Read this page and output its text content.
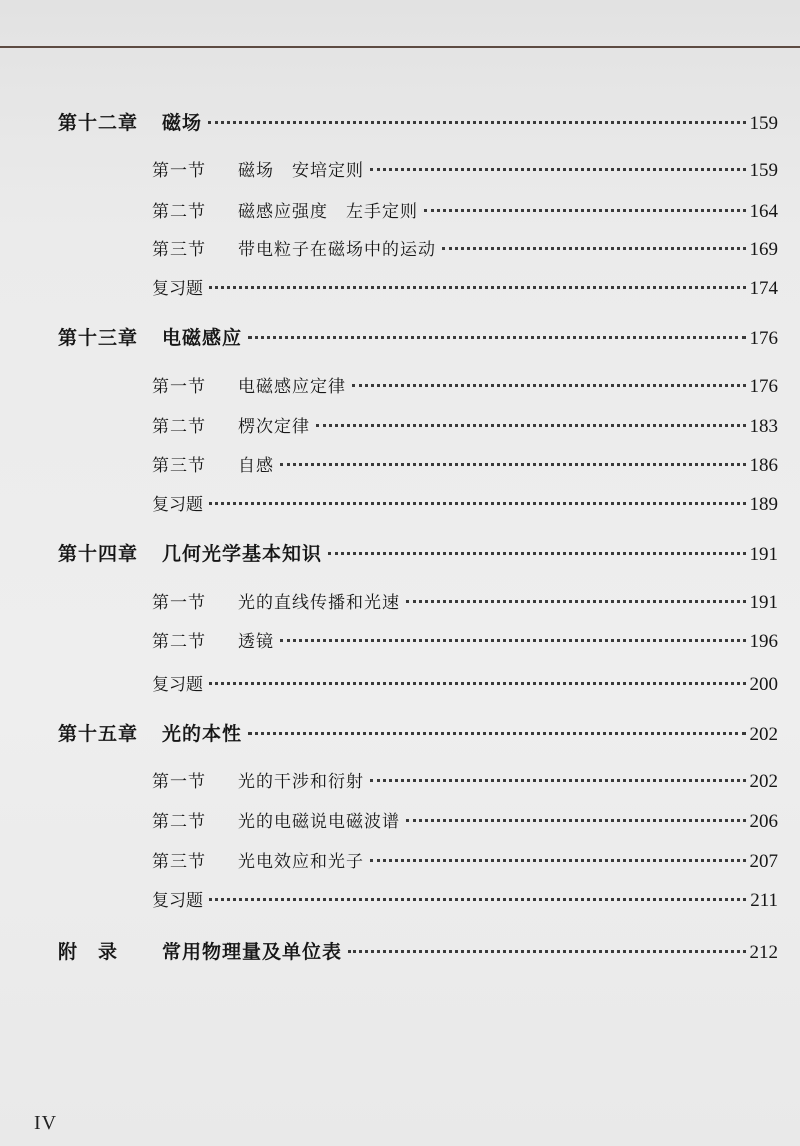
第十二章	磁场	159
第一节	磁场　安培定则	159
第二节	磁感应强度　左手定则	164
第三节	带电粒子在磁场中的运动	169
复习题	174
第十三章	电磁感应	176
第一节	电磁感应定律	176
第二节	楞次定律	183
第三节	自感	186
复习题	189
第十四章	几何光学基本知识	191
第一节	光的直线传播和光速	191
第二节	透镜	196
复习题	200
第十五章	光的本性	202
第一节	光的干涉和衍射	202
第二节	光的电磁说电磁波谱	206
第三节	光电效应和光子	207
复习题	211
附　录	常用物理量及单位表	212
IV
